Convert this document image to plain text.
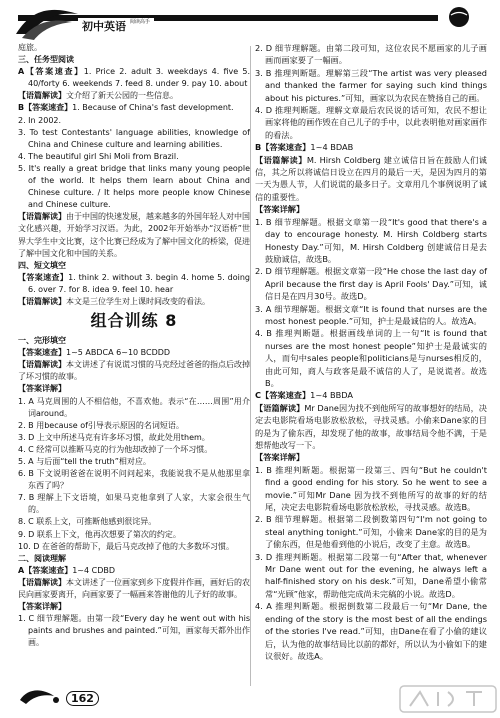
初中英语 $^{阅读高手}$

庭旅。

三、任务型阅读

A【答案速查】1. Price 2. adult 3. weekdays 4. five 5. 40/forty 6. weekends 7. feed 8. under 9. pay 10. about

【语篇解读】文介绍了新天公园的一些信息。

B【答案速查】1. Because of China's fast development.

2. In 2002.

3. To test Contestants' language abilities, knowledge of China and Chinese culture and learning abilities.

4. The beautiful girl Shi Moli from Brazil.

5. It's really a great bridge that links many young people of the world. It helps them learn about China and Chinese culture. / It helps more people know Chinese and Chinese culture.

【语篇解读】由于中国的快速发展，越来越多的外国年轻人对中国文化感兴趣，开始学习汉语。为此，2002年开始举办“汉语桥”世界大学生中文比赛，这个比赛已经成为了解中国文化的桥梁，促进了解中国文化和中国的关系。

四、短文填空

【答案速查】1. think 2. without 3. begin 4. home 5. doing 6. over 7. for 8. idea 9. feel 10. hear

【语篇解读】本文是三位学生对上课时间改变的看法。

组合训练 8

一、完形填空

【答案速查】1~5 ABDCA 6~10 BCDDD

【语篇解读】本文讲述了有说谎习惯的马克经过爸爸的指点后改掉了坏习惯的故事。

【答案详解】

1. A 马克周围的人不相信他，不喜欢他。表示“在……周围”用介词around。

2. B 用because of引导表示原因的名词短语。

3. D 上文中所述马克有许多坏习惯，故此处用them。

4. C 经常可以推断马克的行为他却改掉了一个坏习惯。

5. A 与后面“tell the truth”相对应。

6. B 下文说明爸爸在说明不问问起来，我能说我不是从他那里拿东西了吗？

7. B 理解上下文语境，如果马克他拿到了人家，大家会很生气的。

8. C 联系上文，可推断他感到很诧异。

9. D 联系上下文，他再次想要了第次的约定。

10. D 在爸爸的帮助下，最后马克改掉了他的大多数坏习惯。

二、阅读理解

A【答案速查】1~4 CDBD

【语篇解读】本文讲述了一位画家到乡下度假并作画，画好后的农民向画家要离开，向画家要了一幅画来答谢他的儿子好的故事。

【答案详解】

1. C 细节理解题。由第一段“Every day he went out with his paints and brushes and painted.”可知，画家每天都外出作画。

2. D 细节理解题。由第二段可知，这位农民不愿画家的儿子画画而画家要了一幅画。

3. B 推理判断题。理解第三段“The artist was very pleased and thanked the farmer for saying such kind things about his pictures.”可知，画家以为农民在赞扬自己的画。

4. D 推理判断题。理解文章最后农民说的话可知，农民不想让画家将他的画作毁在自己儿子的手中，以此表明他对画家画作的看法。

B【答案速查】1~4 BDAB

【语篇解读】M. Hirsh Coldberg 建立诚信日旨在鼓励人们诚信，其之所以将诚信日设立在四月的最后一天，是因为四月的第一天为愚人节，人们说谎的最多日子。文章用几个事例说明了诚信的重要性。

【答案详解】

1. B 细节理解题。根据文章第一段“It's good that there's a day to encourage honesty. M. Hirsh Coldberg starts Honesty Day.”可知，M. Hirsh Coldberg 创建诚信日是去鼓励诚信，故选B。

2. D 细节理解题。根据文章第一段“He chose the last day of April because the first day is April Fools' Day.”可知，诚信日是在四月30号。故选D。

3. A 细节理解题。根据文章“It is found that nurses are the most honest people.”可知，护士是最诚信的人。故选A。

4. B 推理判断题。根据画线单词的上一句“It is found that nurses are the most honest people”知护士是最诚实的人，而句中sales people和politicians是与nurses相反的，由此可知，商人与政客是最不诚信的人了，是说谎者。故选B。

C【答案速查】1~4 BBDA

【语篇解读】Mr Dane因为找不到他所写的故事想好的结局，决定去电影院看场电影放松放松，寻找灵感。小偷来Dane家的目的是为了偷东西，却发现了他的故事，故事结局令他不满，于是想帮他改写一下。

【答案详解】

1. B 推理判断题。根据第一段第三、四句“But he couldn't find a good ending for his story. So he went to see a movie.”可知Mr Dane 因为找不到他所写的故事的好的结尾，决定去电影院看场电影放松放松，寻找灵感。故选B。

2. B 细节理解题。根据第二段倒数第四句“I'm not going to steal anything tonight.”可知，小偷来 Dane家的目的是为了偷东西，但是他看到他的小说后，改变了主意。故选B。

3. D 推理判断题。根据第二段第一句“After that, whenever Mr Dane went out for the evening, he always left a half-finished story on his desk.”可知，Dane希望小偷常常“光顾”他家，帮助他完成尚未完稿的小说。故选D。

4. A 推理判断题。根据倒数第二段最后一句“Mr Dane, the ending of the story is the most best of all the endings of the stories I've read.”可知，由Dane在看了小偷的建议后，认为他的故事结局比以前的都好，所以认为小偷如下的建议很好。故选A。

162
